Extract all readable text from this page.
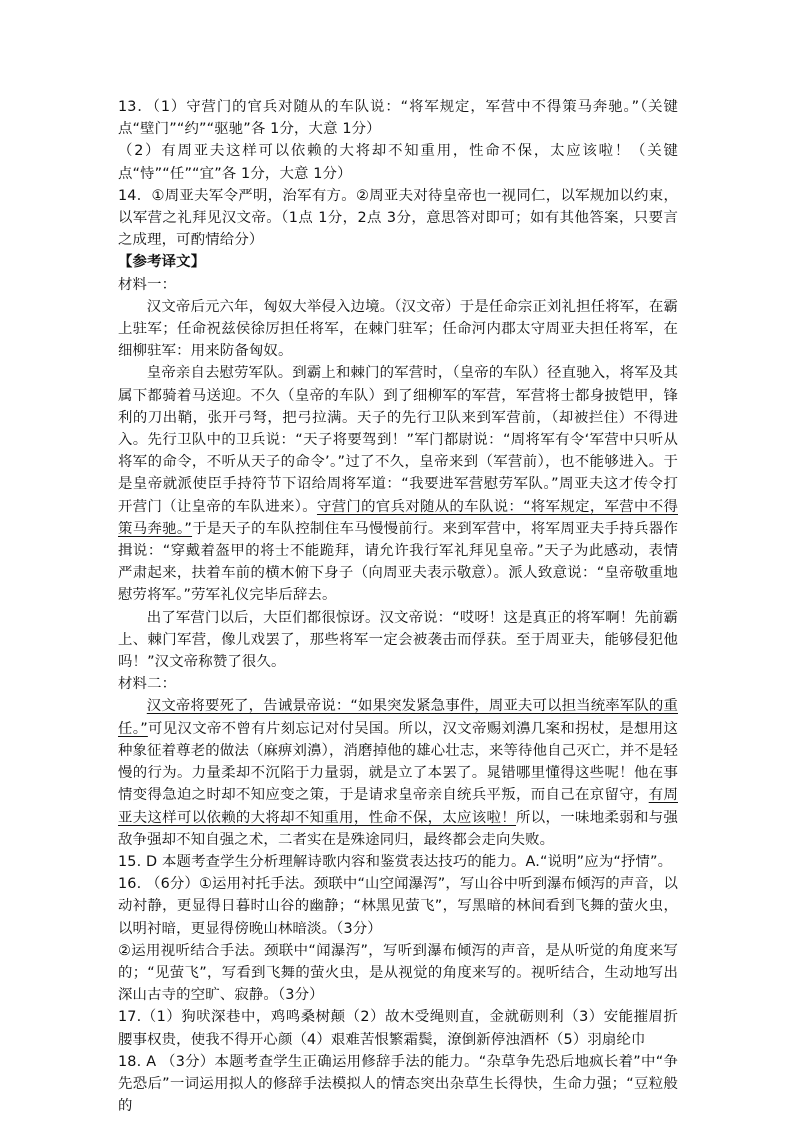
13．（1）守营门的官兵对随从的车队说：“将军规定，军营中不得策马奔驰。”（关键点“壁门”“约”“驱驰”各 1分，大意 1分）

（2）有周亚夫这样可以依赖的大将却不知重用，性命不保，太应该啦！（关键点“恃”“任”“宜”各 1分，大意 1分）

14．①周亚夫军令严明，治军有方。②周亚夫对待皇帝也一视同仁，以军规加以约束，以军营之礼拜见汉文帝。（1点 1分，2点 3分，意思答对即可；如有其他答案，只要言之成理，可酌情给分）

【参考译文】

材料一：

汉文帝后元六年，匈奴大举侵入边境。（汉文帝）于是任命宗正刘礼担任将军，在霸上驻军；任命祝兹侯徐厉担任将军，在棘门驻军；任命河内郡太守周亚夫担任将军，在细柳驻军：用来防备匈奴。

皇帝亲自去慰劳军队。到霸上和棘门的军营时，（皇帝的车队）径直驰入，将军及其属下都骑着马送迎。不久（皇帝的车队）到了细柳军的军营，军营将士都身披铠甲，锋利的刀出鞘，张开弓弩，把弓拉满。天子的先行卫队来到军营前，（却被拦住）不得进入。先行卫队中的卫兵说：“天子将要驾到！”军门都尉说：“周将军有令‘军营中只听从将军的命令，不听从天子的命令’。”过了不久，皇帝来到（军营前），也不能够进入。于是皇帝就派使臣手持符节下诏给周将军道：“我要进军营慰劳军队。”周亚夫这才传令打开营门（让皇帝的车队进来）。守营门的官兵对随从的车队说：“将军规定，军营中不得策马奔驰。”于是天子的车队控制住车马慢慢前行。来到军营中，将军周亚夫手持兵器作揖说：“穿戴着盔甲的将士不能跪拜，请允许我行军礼拜见皇帝。”天子为此感动，表情严肃起来，扶着车前的横木俯下身子（向周亚夫表示敬意）。派人致意说：“皇帝敬重地慰劳将军。”劳军礼仪完毕后辞去。

出了军营门以后，大臣们都很惊讶。汉文帝说：“哎呀！这是真正的将军啊！先前霸上、棘门军营，像儿戏罢了，那些将军一定会被袭击而俘获。至于周亚夫，能够侵犯他吗！”汉文帝称赞了很久。

材料二：

汉文帝将要死了，告诫景帝说：“如果突发紧急事件，周亚夫可以担当统率军队的重任。”可见汉文帝不曾有片刻忘记对付吴国。所以，汉文帝赐刘濞几案和拐杖，是想用这种象征着尊老的做法（麻痹刘濞），消磨掉他的雄心壮志，来等待他自己灭亡，并不是轻慢的行为。力量柔却不沉陷于力量弱，就是立了本罢了。晁错哪里懂得这些呢！他在事情变得急迫之时却不知应变之策，于是请求皇帝亲自统兵平叛，而自己在京留守，有周亚夫这样可以依赖的大将却不知重用，性命不保，太应该啦！所以，一味地柔弱和与强敌争强却不知自强之术，二者实在是殊途同归，最终都会走向失败。

15. D 本题考查学生分析理解诗歌内容和鉴赏表达技巧的能力。A.“说明”应为“抒情”。

16. （6分）①运用衬托手法。颈联中“山空闻瀑泻”，写山谷中听到瀑布倾泻的声音，以动衬静，更显得日暮时山谷的幽静；“林黑见萤飞”，写黑暗的林间看到飞舞的萤火虫，以明衬暗，更显得傍晚山林暗淡。（3分）

②运用视听结合手法。颈联中“闻瀑泻”，写听到瀑布倾泻的声音，是从听觉的角度来写的；“见萤飞”，写看到飞舞的萤火虫，是从视觉的角度来写的。视听结合，生动地写出深山古寺的空旷、寂静。（3分）

17.（1）狗吠深巷中，鸡鸣桑树颠（2）故木受绳则直，金就砺则利（3）安能摧眉折腰事权贵，使我不得开心颜（4）艰难苦恨繁霜鬓，潦倒新停浊酒杯（5）羽扇纶巾

18. A （3分）本题考查学生正确运用修辞手法的能力。“杂草争先恐后地疯长着”中“争先恐后”一词运用拟人的修辞手法模拟人的情态突出杂草生长得快，生命力强；“豆粒般的
